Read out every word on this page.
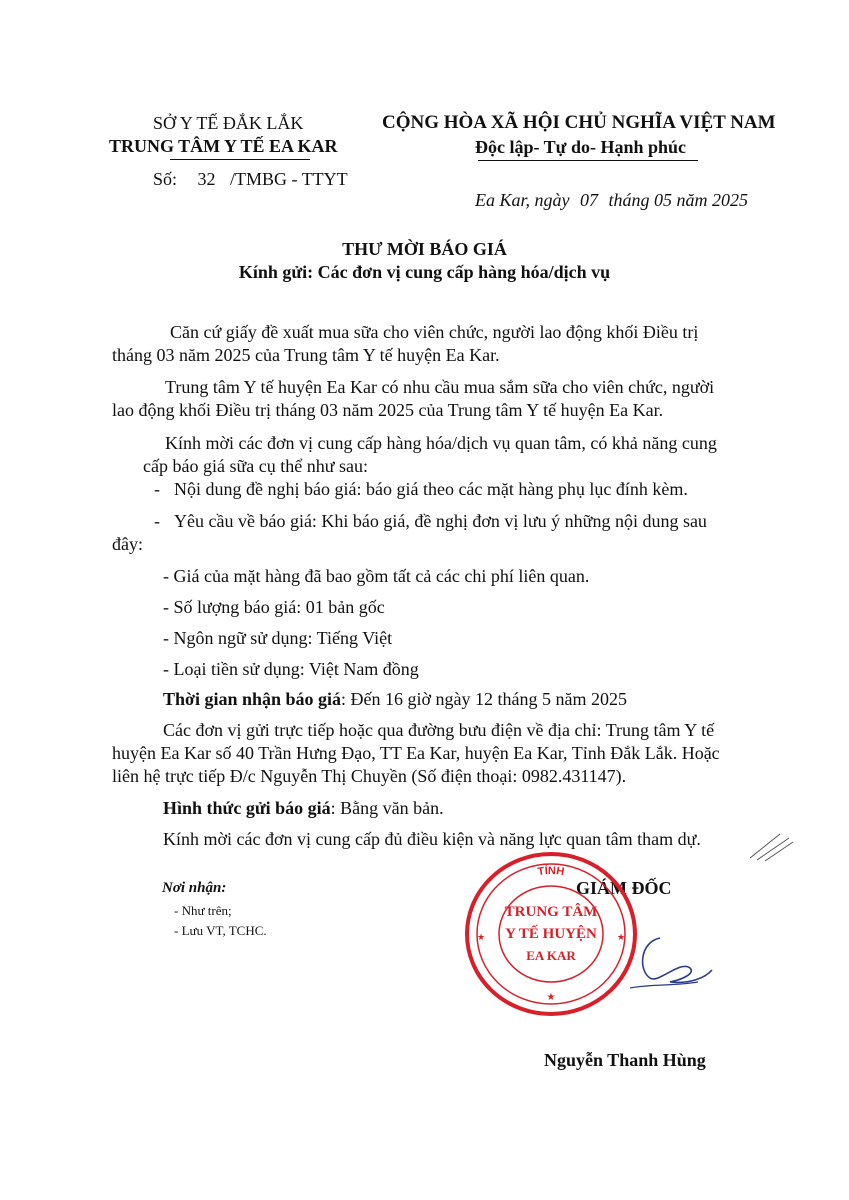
SỞ Y TẾ ĐẮK LẮK
TRUNG TÂM Y TẾ EA KAR
Số: 32 /TMBG - TTYT
CỘNG HÒA XÃ HỘI CHỦ NGHĨA VIỆT NAM
Độc lập- Tự do- Hạnh phúc
Ea Kar, ngày 07 tháng 05 năm 2025
THƯ MỜI BÁO GIÁ
Kính gửi: Các đơn vị cung cấp hàng hóa/dịch vụ
Căn cứ giấy đề xuất mua sữa cho viên chức, người lao động khối Điều trị
tháng 03 năm 2025 của Trung tâm Y tế huyện Ea Kar.
Trung tâm Y tế huyện Ea Kar có nhu cầu mua sắm sữa cho viên chức, người
lao động khối Điều trị tháng 03 năm 2025 của Trung tâm Y tế huyện Ea Kar.
Kính mời các đơn vị cung cấp hàng hóa/dịch vụ quan tâm, có khả năng cung
cấp báo giá sữa cụ thể như sau:
- Nội dung đề nghị báo giá: báo giá theo các mặt hàng phụ lục đính kèm.
- Yêu cầu về báo giá: Khi báo giá, đề nghị đơn vị lưu ý những nội dung sau
đây:
- Giá của mặt hàng đã bao gồm tất cả các chi phí liên quan.
- Số lượng báo giá: 01 bản gốc
- Ngôn ngữ sử dụng: Tiếng Việt
- Loại tiền sử dụng: Việt Nam đồng
Thời gian nhận báo giá: Đến 16 giờ ngày 12 tháng 5 năm 2025
Các đơn vị gửi trực tiếp hoặc qua đường bưu điện về địa chỉ: Trung tâm Y tế
huyện Ea Kar số 40 Trần Hưng Đạo, TT Ea Kar, huyện Ea Kar, Tỉnh Đắk Lắk. Hoặc
liên hệ trực tiếp Đ/c Nguyễn Thị Chuyền (Số điện thoại: 0982.431147).
Hình thức gửi báo giá: Bằng văn bản.
Kính mời các đơn vị cung cấp đủ điều kiện và năng lực quan tâm tham dự.
Nơi nhận:
- Như trên;
- Lưu VT, TCHC.
GIÁM ĐỐC
TỈNH
TRUNG TÂM
Y TẾ HUYỆN
EA KAR
★
★	★
Nguyễn Thanh Hùng
